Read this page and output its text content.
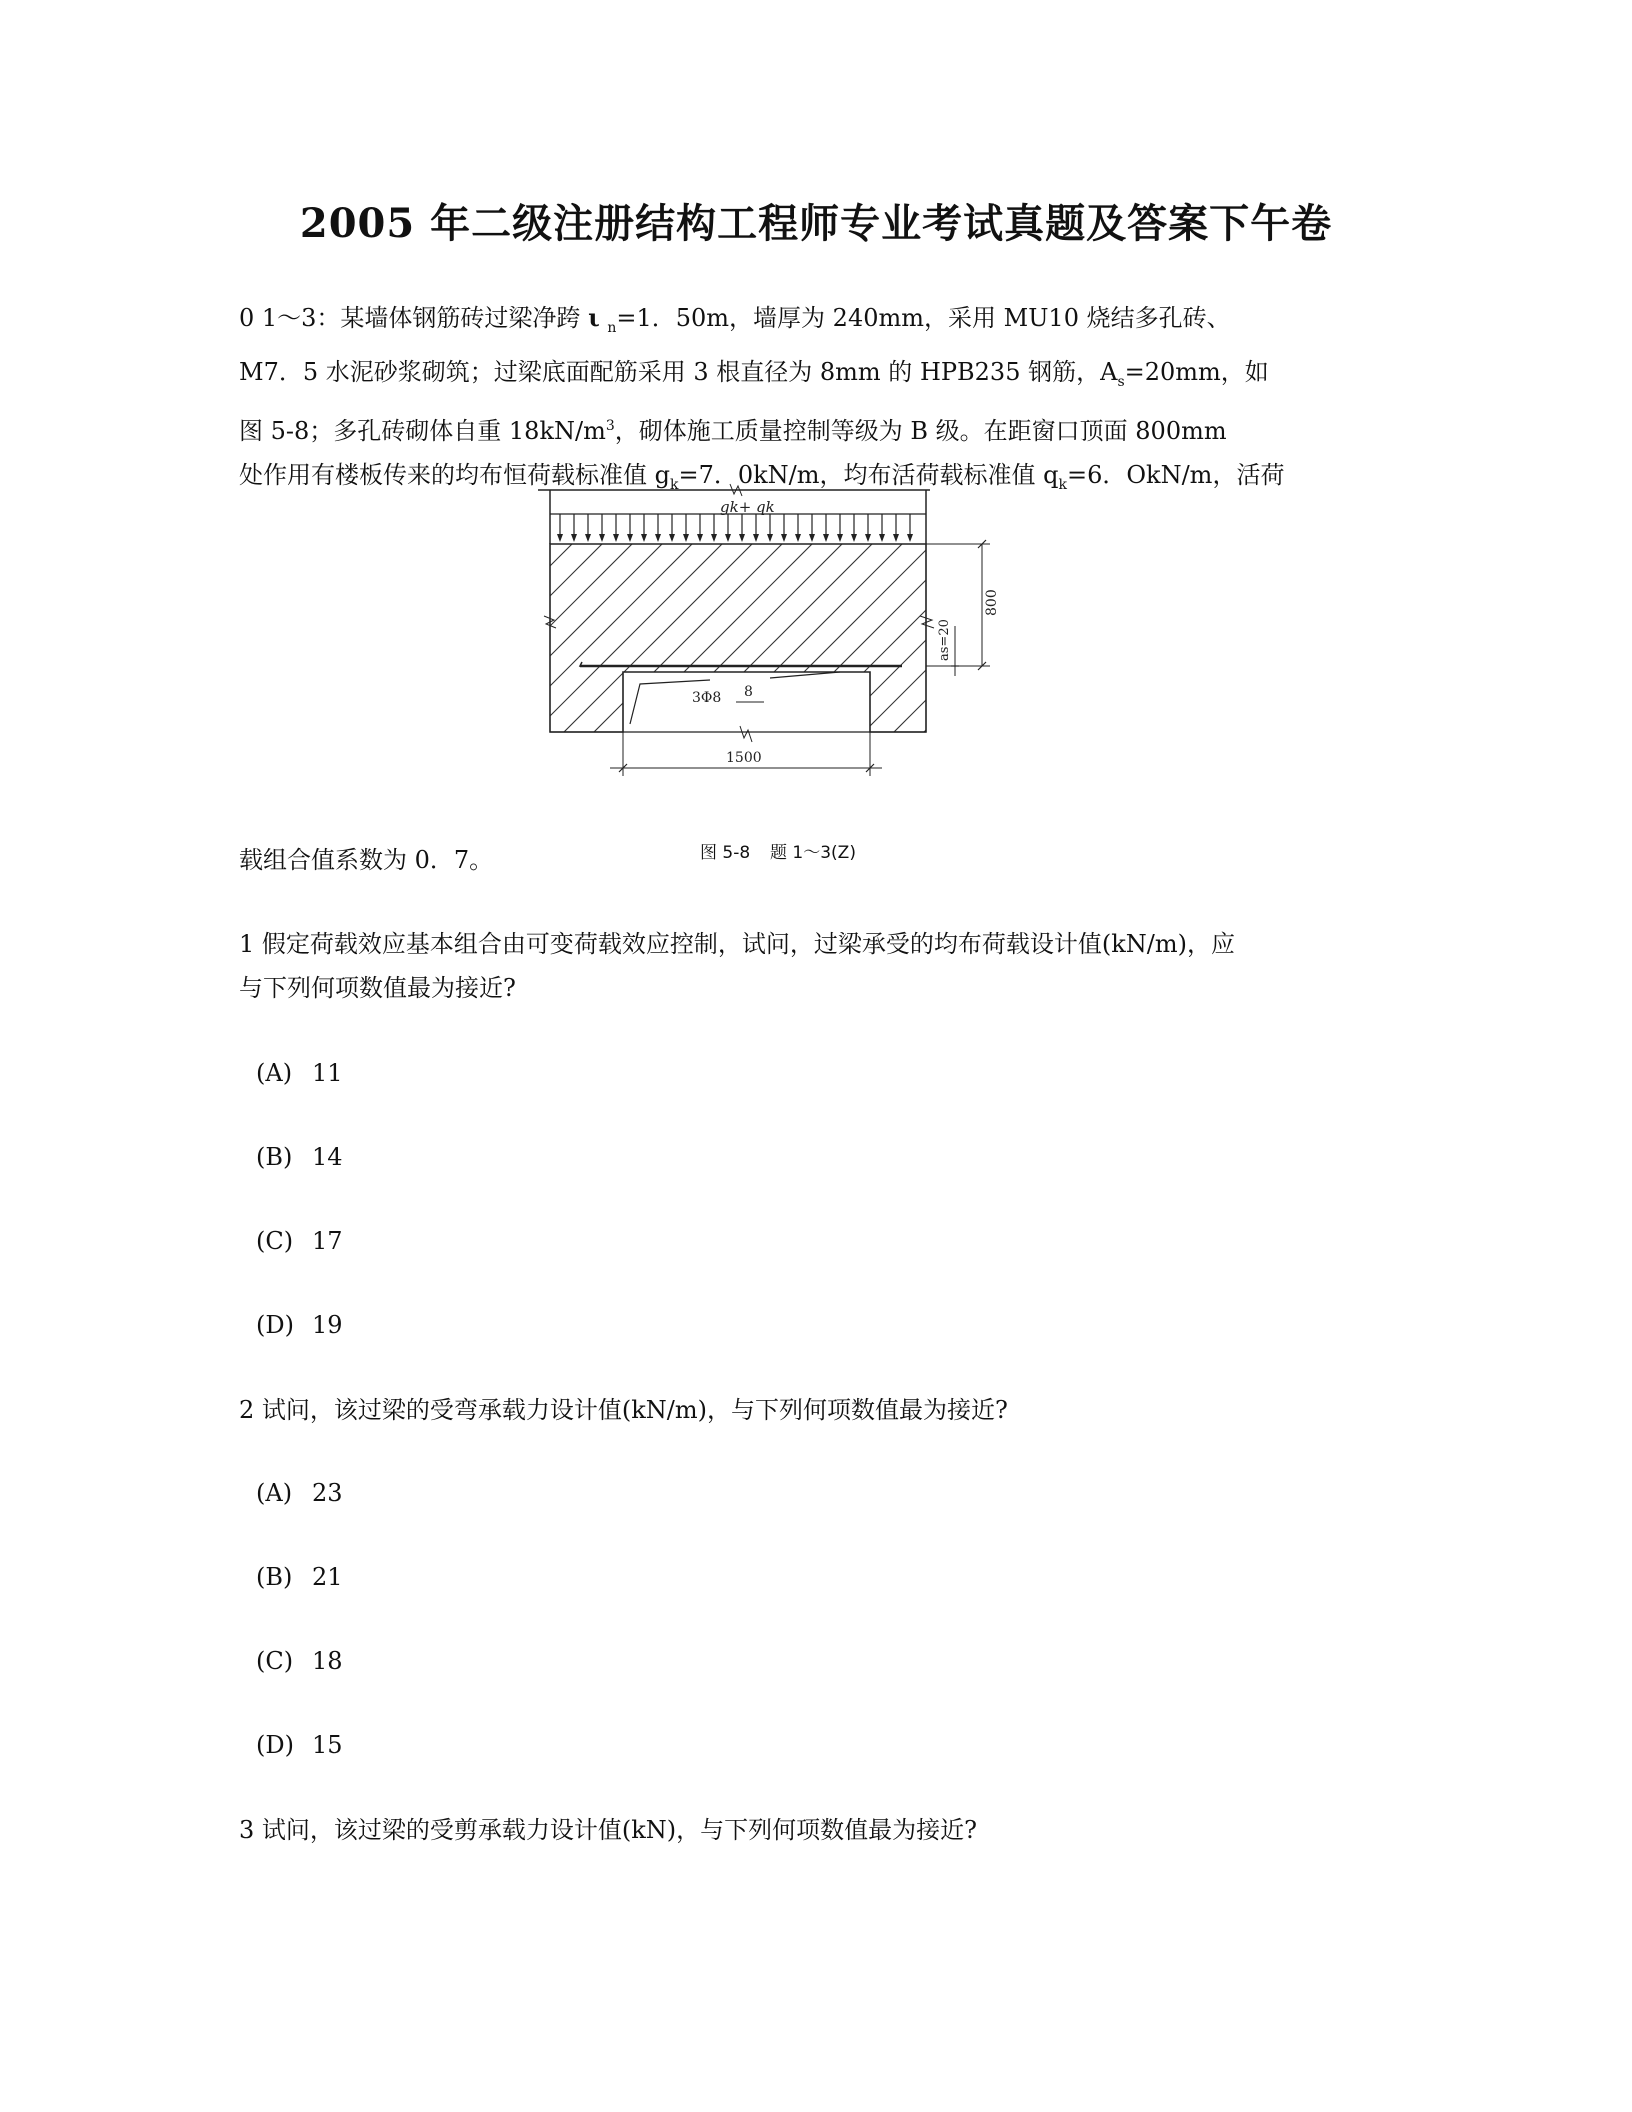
2005 年二级注册结构工程师专业考试真题及答案下午卷

0 1～3：某墙体钢筋砖过梁净跨 ι $_n$=1．50m，墙厚为 240mm，采用 MU10 烧结多孔砖、

M7．5 水泥砂浆砌筑；过梁底面配筋采用 3 根直径为 8mm 的 HPB235 钢筋，$A_s=20mm$，如

图 5-8；多孔砖砌体自重 $18kN/m^3$，砌体施工质量控制等级为 B 级。在距窗口顶面 800mm

处作用有楼板传来的均布恒荷载标准值 $g_k=7$．0kN/m，均布活荷载标准值 $q_k=6$．OkN/m，活荷

gk+ qk
3Φ8 8
800
as=20
1500
图 5-8 题 1～3(Z)
载组合值系数为 0．7。
1 假定荷载效应基本组合由可变荷载效应控制，试问，过梁承受的均布荷载设计值(kN/m)，应
与下列何项数值最为接近?
(A) 11
(B) 14
(C) 17
(D) 19
2 试问，该过梁的受弯承载力设计值(kN/m)，与下列何项数值最为接近?
(A) 23
(B) 21
(C) 18
(D) 15
3 试问，该过梁的受剪承载力设计值(kN)，与下列何项数值最为接近?
